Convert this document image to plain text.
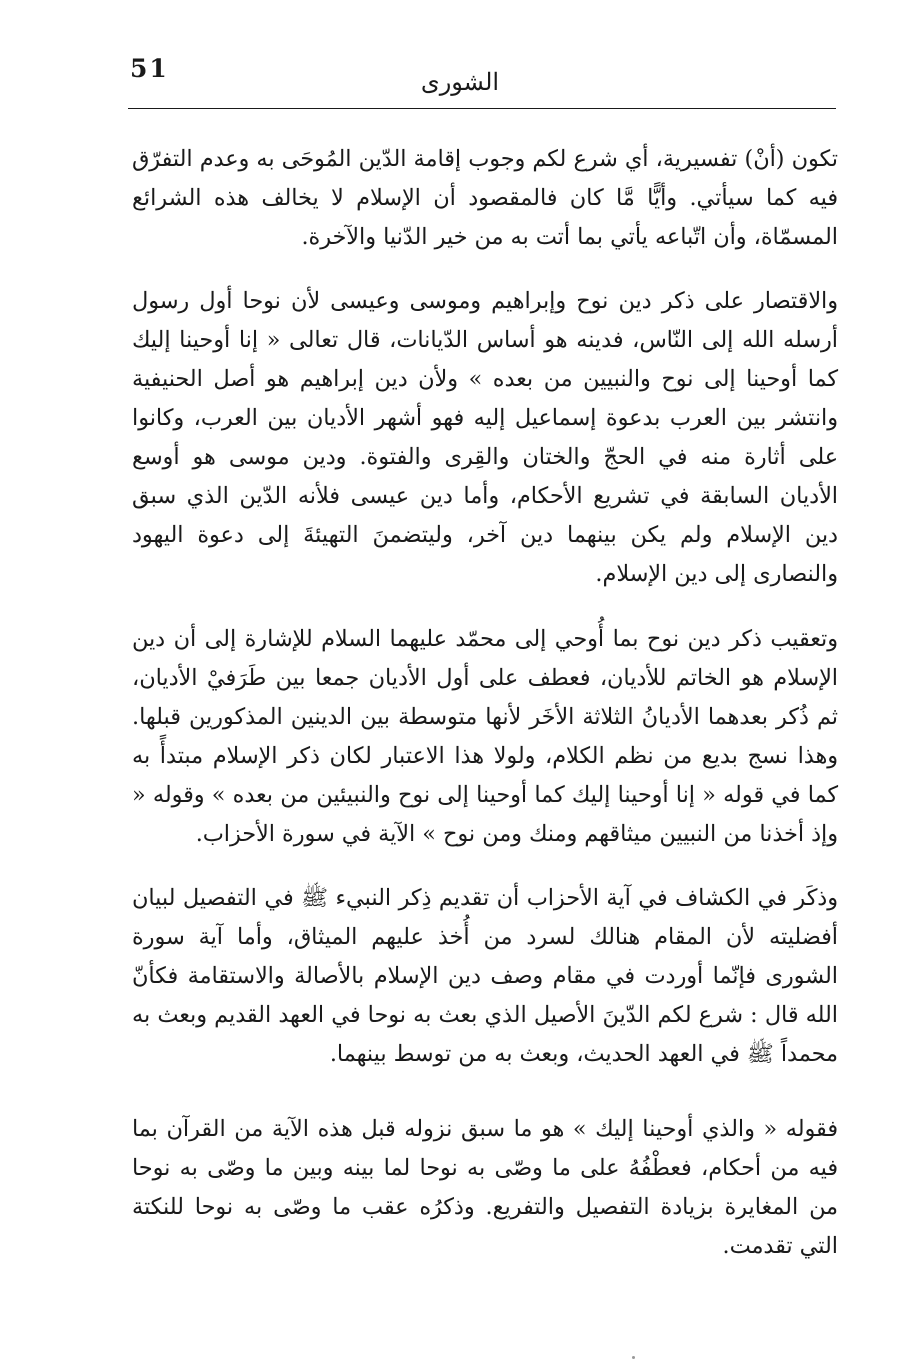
51	الشورى

تكون (أنْ) تفسيرية، أي شرع لكم وجوب إقامة الدّين المُوحَى به وعدم التفرّق فيه كما سيأتي. وأيًّا مَّا كان فالمقصود أن الإسلام لا يخالف هذه الشرائع المسمّاة، وأن اتّباعه يأتي بما أتت به من خير الدّنيا والآخرة.

والاقتصار على ذكر دين نوح وإبراهيم وموسى وعيسى لأن نوحا أول رسول أرسله الله إلى النّاس، فدينه هو أساس الدّيانات، قال تعالى « إنا أوحينا إليك كما أوحينا إلى نوح والنبيين من بعده » ولأن دين إبراهيم هو أصل الحنيفية وانتشر بين العرب بدعوة إسماعيل إليه فهو أشهر الأديان بين العرب، وكانوا على أثارة منه في الحجّ والختان والقِرى والفتوة. ودين موسى هو أوسع الأديان السابقة في تشريع الأحكام، وأما دين عيسى فلأنه الدّين الذي سبق دين الإسلام ولم يكن بينهما دين آخر، وليتضمنَ التهيئةَ إلى دعوة اليهود والنصارى إلى دين الإسلام.

وتعقيب ذكر دين نوح بما أُوحي إلى محمّد عليهما السلام للإشارة إلى أن دين الإسلام هو الخاتم للأديان، فعطف على أول الأديان جمعا بين طَرَفيْ الأديان، ثم ذُكر بعدهما الأديانُ الثلاثة الأخَر لأنها متوسطة بين الدينين المذكورين قبلها. وهذا نسج بديع من نظم الكلام، ولولا هذا الاعتبار لكان ذكر الإسلام مبتدأً به كما في قوله « إنا أوحينا إليك كما أوحينا إلى نوح والنبيئين من بعده » وقوله « وإذ أخذنا من النبيين ميثاقهم ومنك ومن نوح » الآية في سورة الأحزاب.

وذكَر في الكشاف في آية الأحزاب أن تقديم ذِكر النبيء ﷺ في التفصيل لبيان أفضليته لأن المقام هنالك لسرد من أُخذ عليهم الميثاق، وأما آية سورة الشورى فإنّما أوردت في مقام وصف دين الإسلام بالأصالة والاستقامة فكأنّ الله قال : شرع لكم الدّينَ الأصيل الذي بعث به نوحا في العهد القديم وبعث به محمداً ﷺ في العهد الحديث، وبعث به من توسط بينهما.

فقوله « والذي أوحينا إليك » هو ما سبق نزوله قبل هذه الآية من القرآن بما فيه من أحكام، فعطْفُهُ على ما وصّى به نوحا لما بينه وبين ما وصّى به نوحا من المغايرة بزيادة التفصيل والتفريع. وذكرُه عقب ما وصّى به نوحا للنكتة التي تقدمت.
